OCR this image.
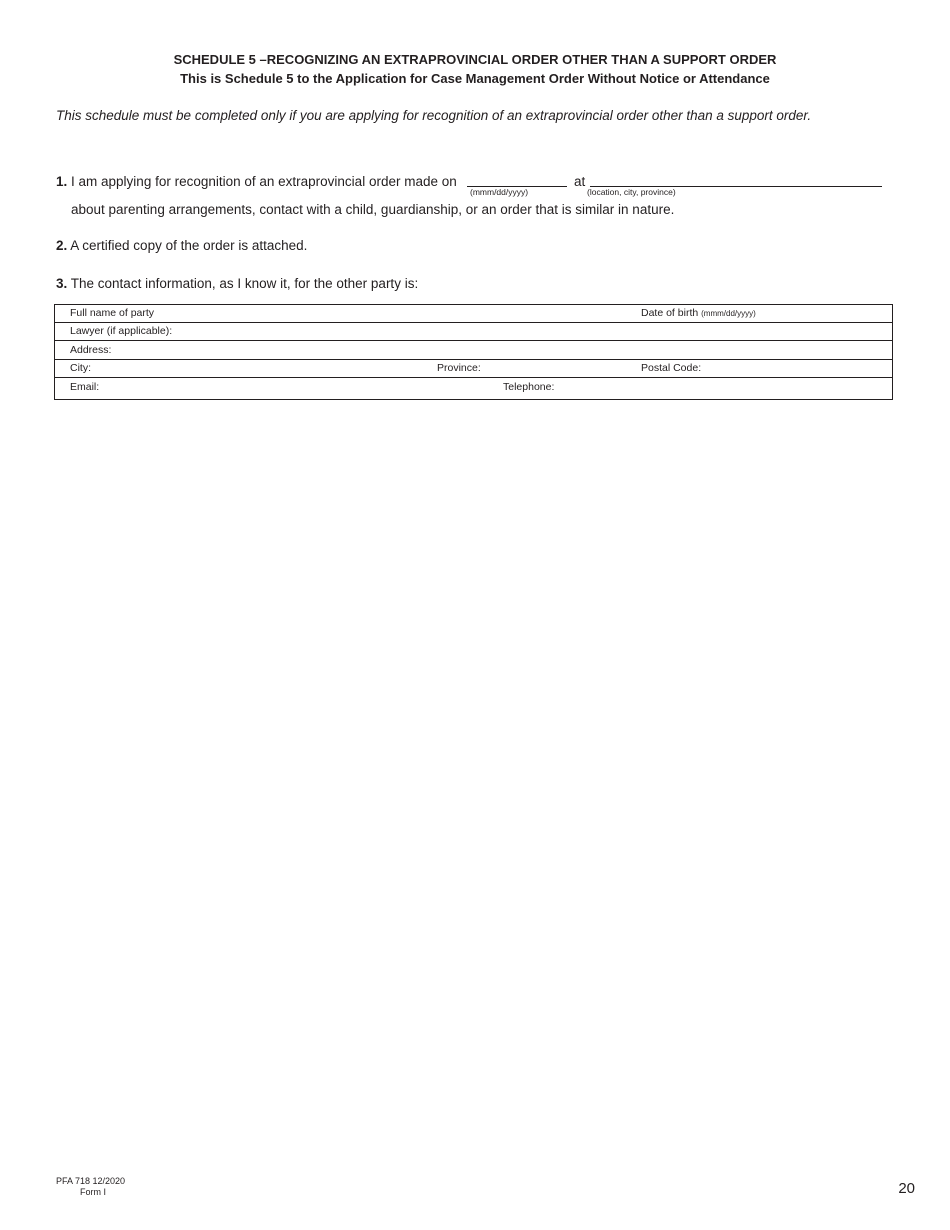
SCHEDULE 5 –RECOGNIZING AN EXTRAPROVINCIAL ORDER OTHER THAN A SUPPORT ORDER
This is Schedule 5 to the Application for Case Management Order Without Notice or Attendance
This schedule must be completed only if you are applying for recognition of an extraprovincial order other than a support order.
1. I am applying for recognition of an extraprovincial order made on
(mmm/dd/yyyy)
at
(location, city, province)
about parenting arrangements, contact with a child, guardianship, or an order that is similar in nature.
2. A certified copy of the order is attached.
3. The contact information, as I know it, for the other party is:
Full name of party	Date of birth (mmm/dd/yyyy)
Lawyer (if applicable):
Address:
City:	Province:	Postal Code:
Email:	Telephone:
PFA 718 12/2020
Form I	20
